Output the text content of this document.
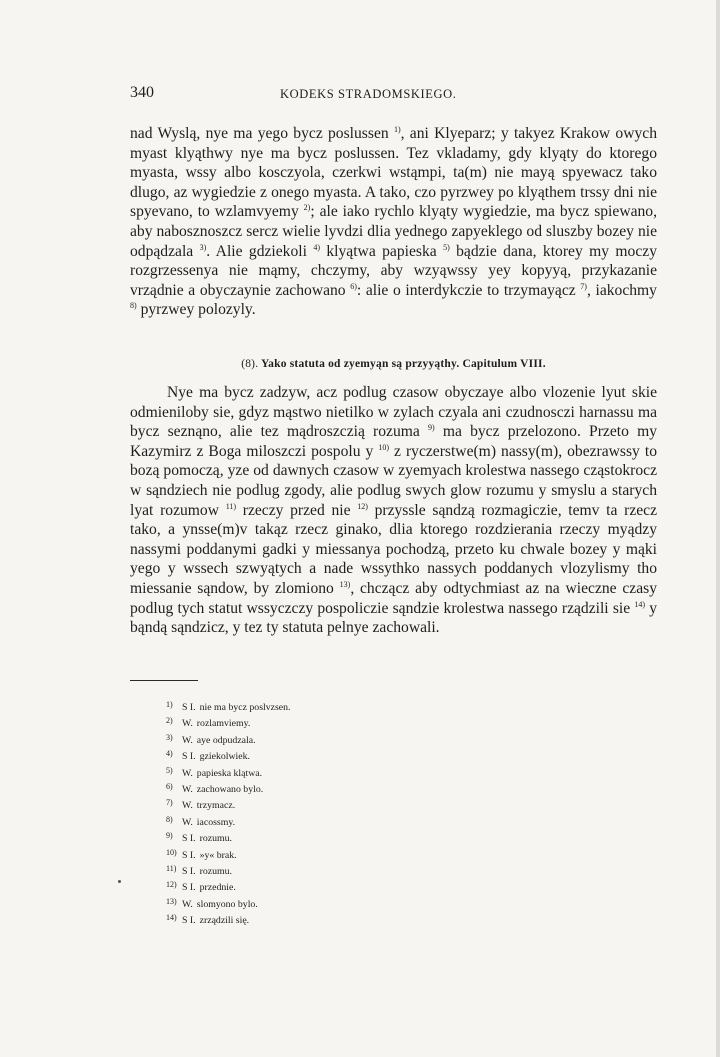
340	KODEKS STRADOMSKIEGO.

nad Wyslą, nye ma yego bycz poslussen $^{1)}$, ani Klyeparz; y takyez Krakow owych myast klyąthwy nye ma bycz poslussen. Tez vkladamy, gdy klyąty do ktorego myasta, wssy albo kosczyola, czerkwi wstąmpi, ta(m) nie mayą spyewacz tako dlugo, az wygiedzie z onego myasta. A tako, czo pyrzwey po klyąthem trssy dni nie spyevano, to wzlamvyemy $^{2)}$; ale iako rychlo klyąty wygiedzie, ma bycz spiewano, aby nabosznoszcz sercz wielie lyvdzi dlia yednego zapyeklego od sluszby bozey nie odpądzala $^{3)}$. Alie gdziekoli $^{4)}$ klyątwa papieska $^{5)}$ bądzie dana, ktorey my moczy rozgrzessenya nie mąmy, chczymy, aby wzyąwssy yey kopyyą, przykazanie vrządnie a obyczaynie zachowano $^{6)}$: alie o interdykczie to trzymayącz $^{7)}$, iakochmy $^{8)}$ pyrzwey polozyly.

(8). Yako statuta od zyemyąn są przyyąthy. Capitulum VIII.

Nye ma bycz zadzyw, acz podlug czasow obyczaye albo vlozenie lyut skie odmienilоby sie, gdyz mąstwo nietilko w zylach czyala ani czudnosczi harnassu ma bycz seznąno, alie tez mądroszczią rozuma $^{9)}$ ma bycz przelozono. Przeto my Kazymirz z Boga miloszczi pospolu y $^{10)}$ z ryczerstwe(m) nassy(m), obezrawssy to bozą pomoczą, yze od dawnych czasow w zyemyach krolestwa nassego cząstokrocz w sąndziech nie podlug zgody, alie podlug swych glow rozumu y smyslu a starych lyat rozumow $^{11)}$ rzeczy przed nie $^{12)}$ przyssle sąndzą rozmagiczie, temv ta rzecz tako, a ynsse(m)v takąz rzecz ginako, dlia ktorego rozdzierania rzeczy myądzy nassymi poddanymi gadki y miessanya pochodzą, przeto ku chwale bozey y mąki yego y wssech szwyątych a nade wssythko nassych poddanych vlozylismy tho miessanie sąndow, by zlomiono $^{13)}$, chcząсz aby odtychmiast az na wieczne czasy podlug tych statut wssyczczy pospoliczie sąndzie krolestwa nassego rządzili sie $^{14)}$ y bąndą sąndzicz, y tez ty statuta pelnye zachowali.

1) S I. nie ma bycz poslvzsen.
2) W. rozlamviemy.
3) W. aye odpudzala.
4) S I. gziekolwiek.
5) W. papieska klątwa.
6) W. zachowano bylo.
7) W. trzymacz.
8) W. iacossmy.
9) S I. rozumu.
10) S I. »y« brak.
11) S I. rozumu.
12) S I. przednie.
13) W. slomyono bylo.
14) S I. zrządzili się.
